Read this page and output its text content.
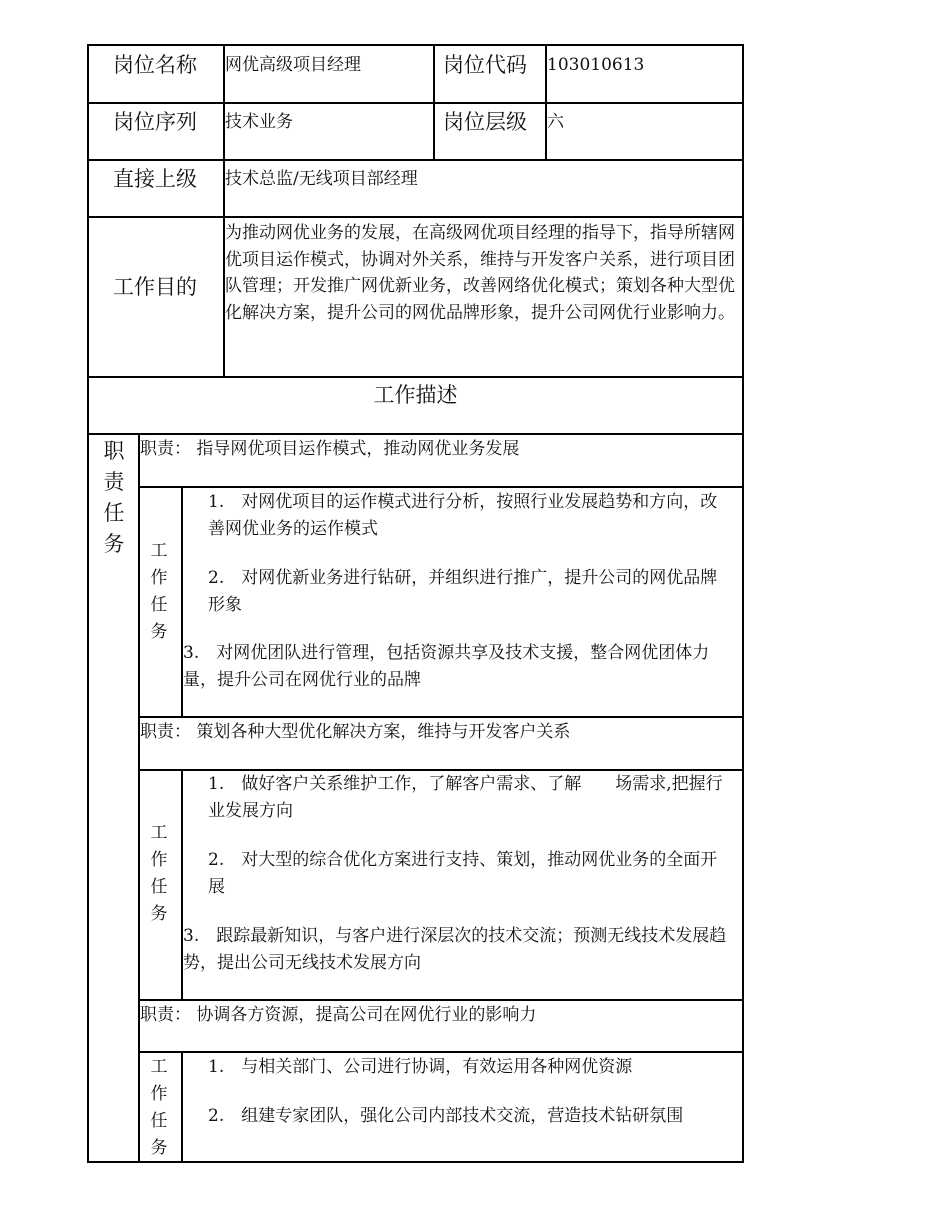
岗位名称 网优高级项目经理	岗位代码 103010613
岗位序列 技术业务	岗位层级 六
直接上级 技术总监/无线项目部经理
工作目的
为推动网优业务的发展，在高级网优项目经理的指导下，指导所辖网优项目运作模式，协调对外关系，维持与开发客户关系，进行项目团队管理；开发推广网优新业务，改善网络优化模式；策划各种大型优化解决方案，提升公司的网优品牌形象，提升公司网优行业影响力。
工作描述
职责任务
职责： 指导网优项目运作模式，推动网优业务发展
工作任务
1.　对网优项目的运作模式进行分析，按照行业发展趋势和方向，改善网优业务的运作模式
2.　对网优新业务进行钻研，并组织进行推广，提升公司的网优品牌形象
3.　对网优团队进行管理，包括资源共享及技术支援，整合网优团体力量，提升公司在网优行业的品牌
职责： 策划各种大型优化解决方案，维持与开发客户关系
工作任务
1.　做好客户关系维护工作，了解客户需求、了解　　场需求,把握行业发展方向
2.　对大型的综合优化方案进行支持、策划，推动网优业务的全面开展
3.　跟踪最新知识，与客户进行深层次的技术交流；预测无线技术发展趋势，提出公司无线技术发展方向
职责： 协调各方资源，提高公司在网优行业的影响力
工作任务
1.　与相关部门、公司进行协调，有效运用各种网优资源
2.　组建专家团队，强化公司内部技术交流，营造技术钻研氛围
